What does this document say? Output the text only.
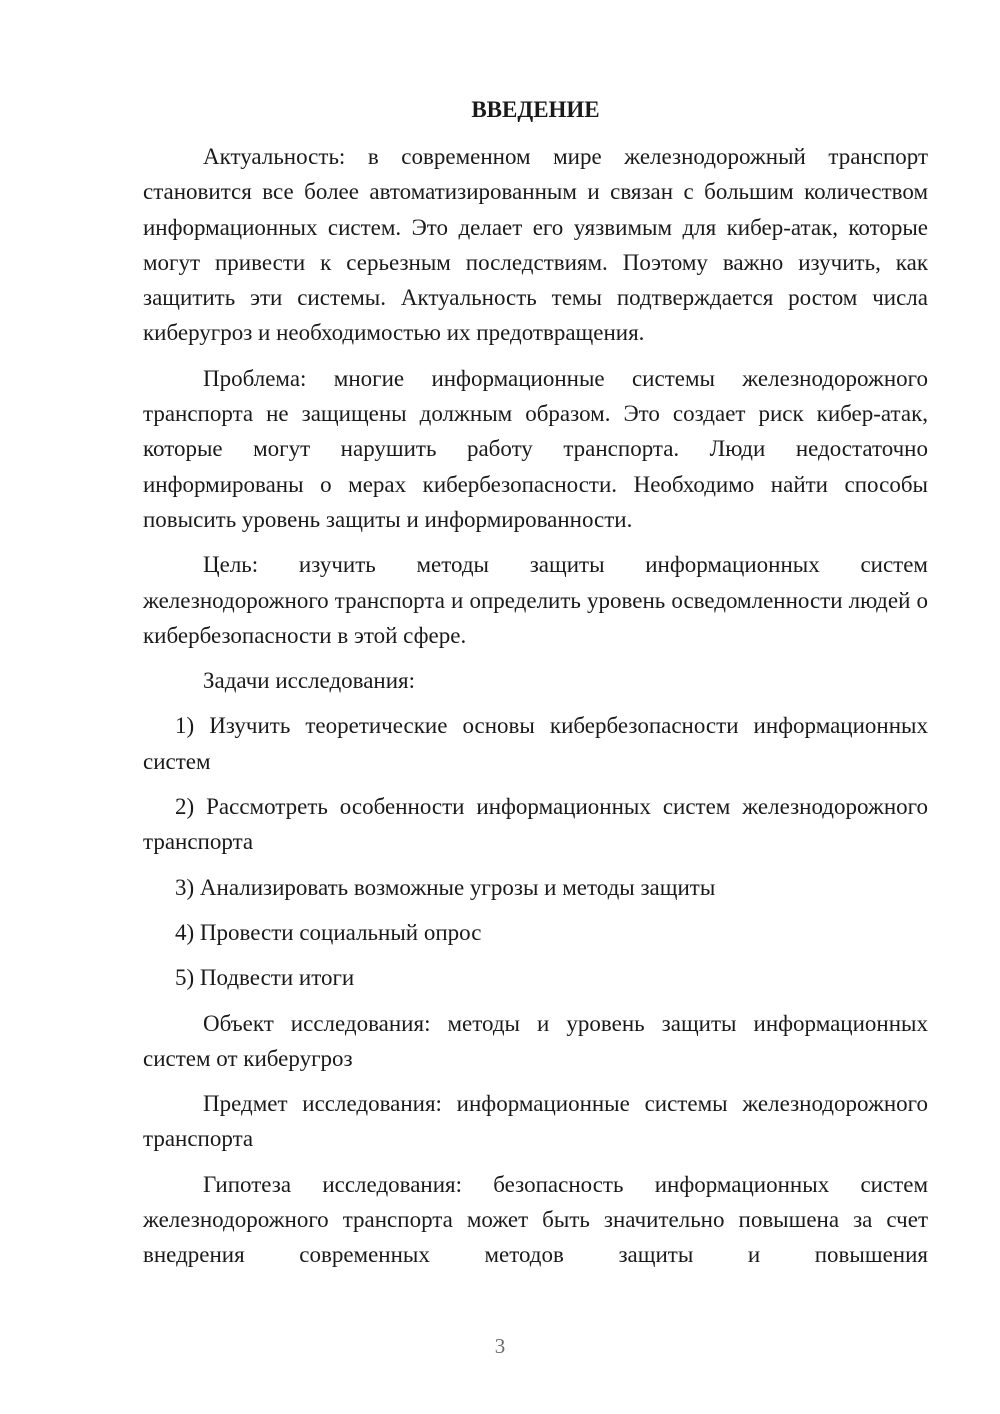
ВВЕДЕНИЕ

Актуальность: в современном мире железнодорожный транспорт становится все более автоматизированным и связан с большим количеством информационных систем. Это делает его уязвимым для кибер-атак, которые могут привести к серьезным последствиям. Поэтому важно изучить, как защитить эти системы. Актуальность темы подтверждается ростом числа киберугроз и необходимостью их предотвращения.

Проблема: многие информационные системы железнодорожного транспорта не защищены должным образом. Это создает риск кибер-атак, которые могут нарушить работу транспорта. Люди недостаточно информированы о мерах кибербезопасности. Необходимо найти способы повысить уровень защиты и информированности.

Цель: изучить методы защиты информационных систем железнодорожного транспорта и определить уровень осведомленности людей о кибербезопасности в этой сфере.

Задачи исследования:

1) Изучить теоретические основы кибербезопасности информационных систем

2) Рассмотреть особенности информационных систем железнодорожного транспорта

3) Анализировать возможные угрозы и методы защиты

4) Провести социальный опрос

5) Подвести итоги

Объект исследования: методы и уровень защиты информационных систем от киберугроз

Предмет исследования: информационные системы железнодорожного транспорта

Гипотеза исследования: безопасность информационных систем железнодорожного транспорта может быть значительно повышена за счет внедрения современных методов защиты и повышения

3
